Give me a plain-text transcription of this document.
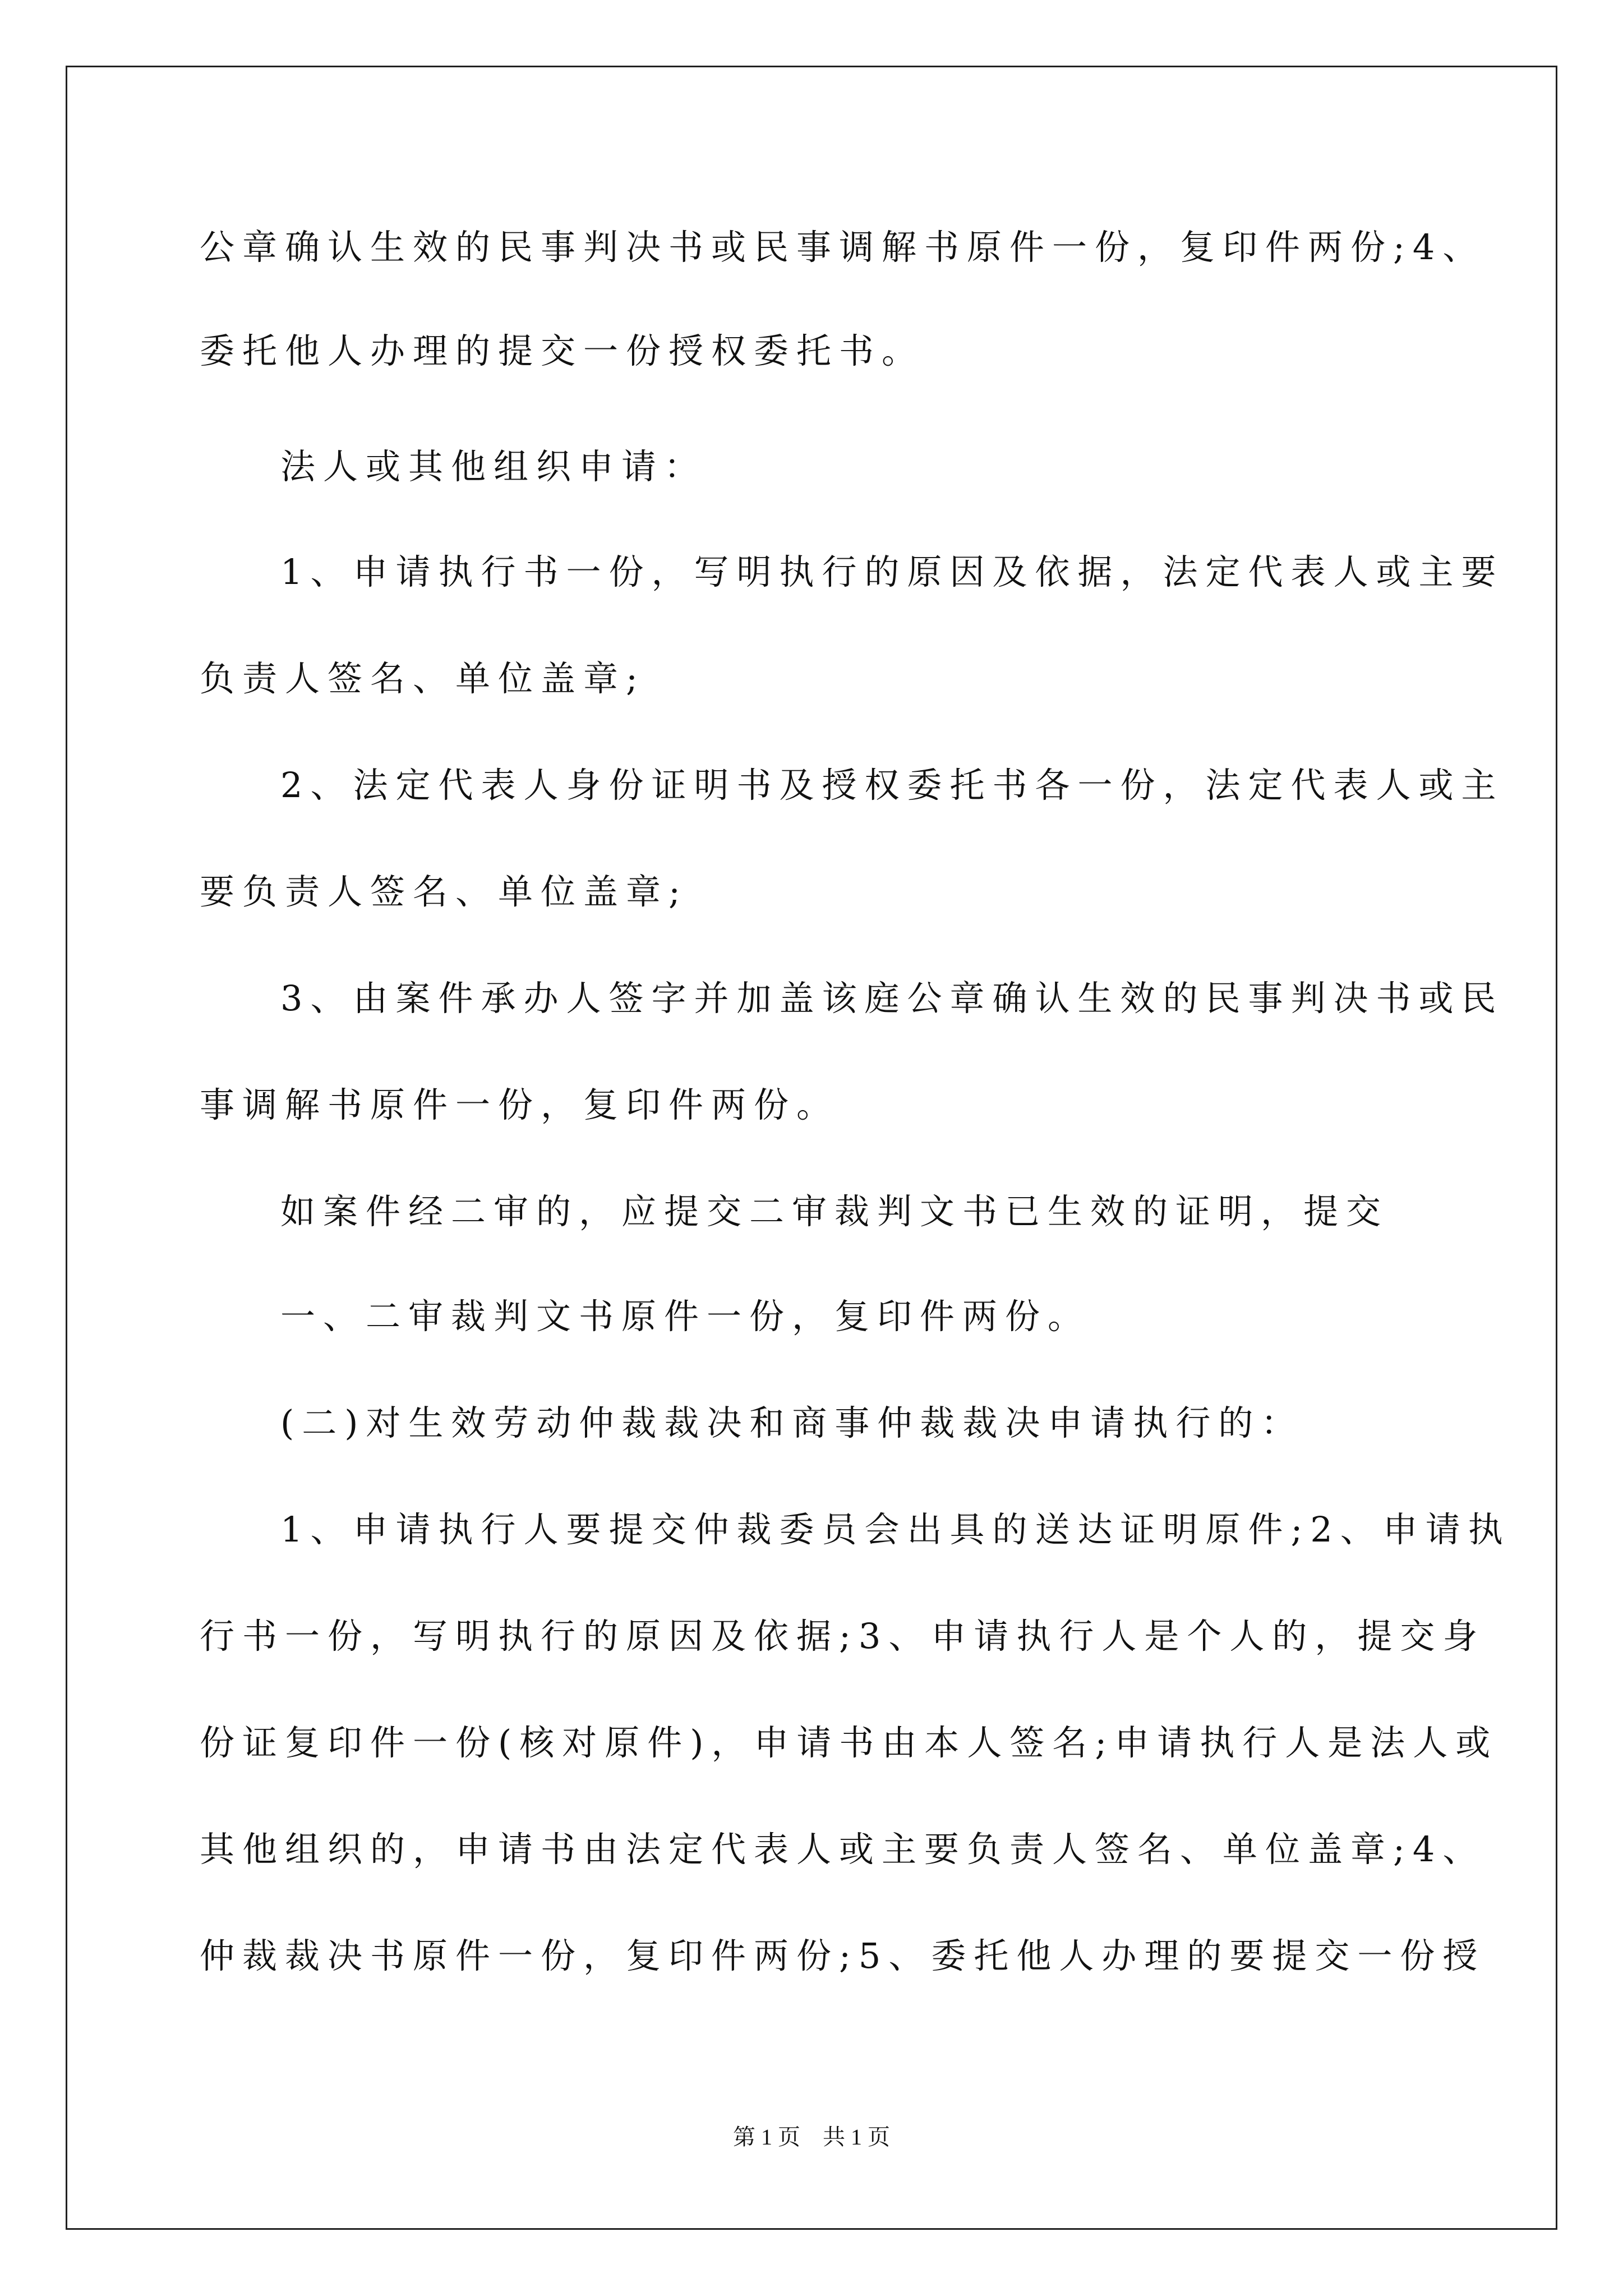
公章确认生效的民事判决书或民事调解书原件一份，复印件两份;4、
委托他人办理的提交一份授权委托书。
法人或其他组织申请：
1、申请执行书一份，写明执行的原因及依据，法定代表人或主要
负责人签名、单位盖章;
2、法定代表人身份证明书及授权委托书各一份，法定代表人或主
要负责人签名、单位盖章;
3、由案件承办人签字并加盖该庭公章确认生效的民事判决书或民
事调解书原件一份，复印件两份。
如案件经二审的，应提交二审裁判文书已生效的证明，提交
一、二审裁判文书原件一份，复印件两份。
(二)对生效劳动仲裁裁决和商事仲裁裁决申请执行的：
1、申请执行人要提交仲裁委员会出具的送达证明原件;2、申请执
行书一份，写明执行的原因及依据;3、申请执行人是个人的，提交身
份证复印件一份(核对原件)，申请书由本人签名;申请执行人是法人或
其他组织的，申请书由法定代表人或主要负责人签名、单位盖章;4、
仲裁裁决书原件一份，复印件两份;5、委托他人办理的要提交一份授
第 1 页　共 1 页
